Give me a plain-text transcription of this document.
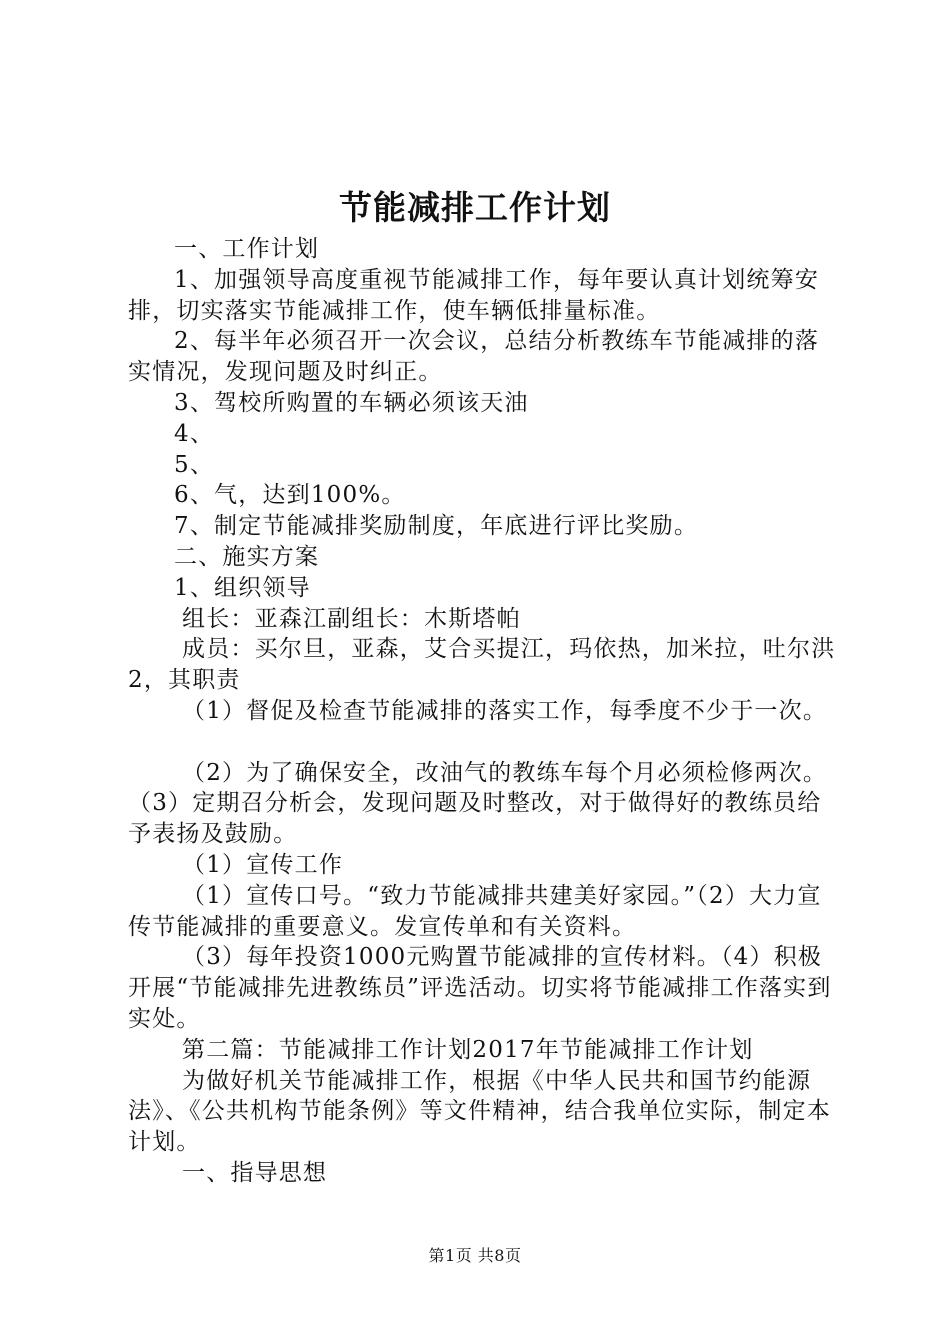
节能减排工作计划

一、工作计划

1、加强领导高度重视节能减排工作，每年要认真计划统筹安排，切实落实节能减排工作，使车辆低排量标准。

2、每半年必须召开一次会议，总结分析教练车节能减排的落实情况，发现问题及时纠正。

3、驾校所购置的车辆必须该天油

4、

5、

6、气，达到100%。

7、制定节能减排奖励制度，年底进行评比奖励。

二、施实方案

1、组织领导

组长：亚森江副组长：木斯塔帕

成员：买尔旦，亚森，艾合买提江，玛依热，加米拉，吐尔洪2，其职责

（1）督促及检查节能减排的落实工作，每季度不少于一次。

（2）为了确保安全，改油气的教练车每个月必须检修两次。

（3）定期召分析会，发现问题及时整改，对于做得好的教练员给予表扬及鼓励。

（1）宣传工作

（1）宣传口号。“致力节能减排共建美好家园。”（2）大力宣传节能减排的重要意义。发宣传单和有关资料。

（3）每年投资1000元购置节能减排的宣传材料。（4）积极开展“节能减排先进教练员”评选活动。切实将节能减排工作落实到实处。

第二篇：节能减排工作计划2017年节能减排工作计划

为做好机关节能减排工作，根据《中华人民共和国节约能源法》、《公共机构节能条例》等文件精神，结合我单位实际，制定本计划。

一、指导思想

第1页 共8页
